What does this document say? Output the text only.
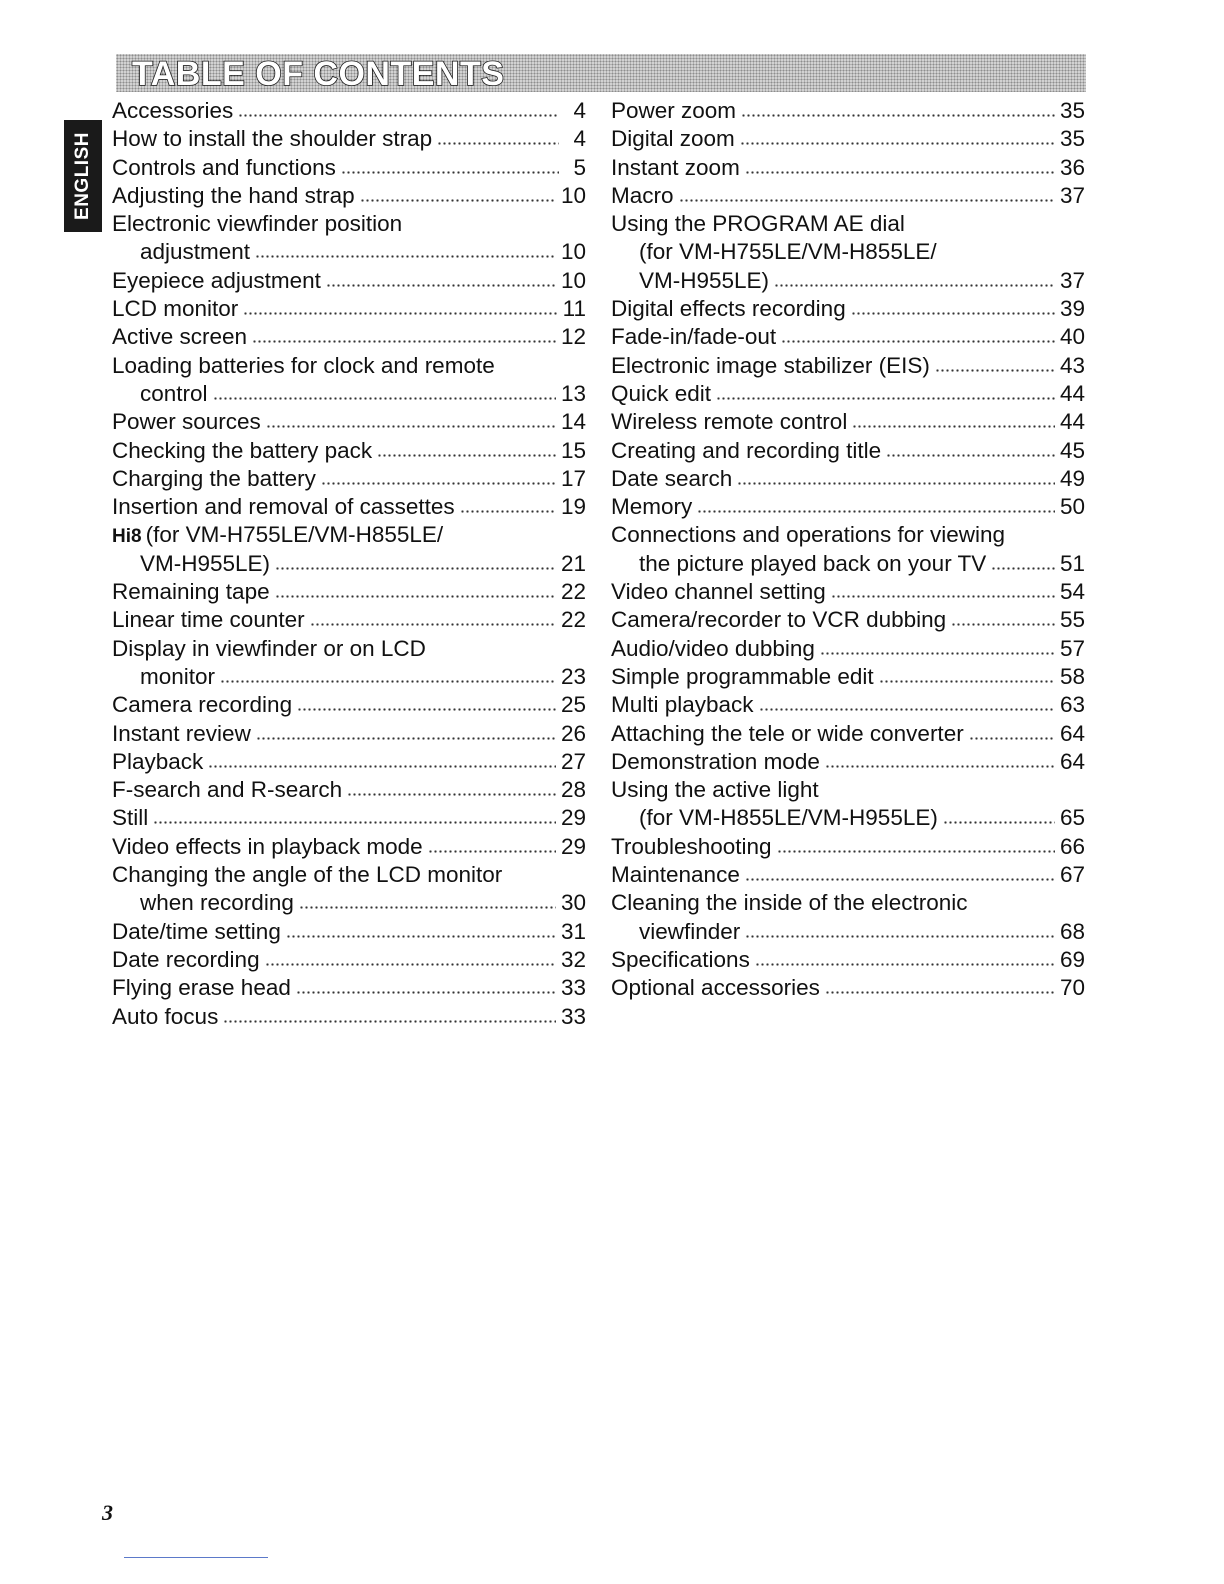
TABLE OF CONTENTS
ENGLISH
Accessories	4
How to install the shoulder strap	4
Controls and functions	5
Adjusting the hand strap	10
Electronic viewfinder position
adjustment	10
Eyepiece adjustment	10
LCD monitor	11
Active screen	12
Loading batteries for clock and remote
control	13
Power sources	14
Checking the battery pack	15
Charging the battery	17
Insertion and removal of cassettes	19
Hi8 (for VM-H755LE/VM-H855LE/
VM-H955LE)	21
Remaining tape	22
Linear time counter	22
Display in viewfinder or on LCD
monitor	23
Camera recording	25
Instant review	26
Playback	27
F-search and R-search	28
Still	29
Video effects in playback mode	29
Changing the angle of the LCD monitor
when recording	30
Date/time setting	31
Date recording	32
Flying erase head	33
Auto focus	33
Power zoom	35
Digital zoom	35
Instant zoom	36
Macro	37
Using the PROGRAM AE dial
(for VM-H755LE/VM-H855LE/
VM-H955LE)	37
Digital effects recording	39
Fade-in/fade-out	40
Electronic image stabilizer (EIS)	43
Quick edit	44
Wireless remote control	44
Creating and recording title	45
Date search	49
Memory	50
Connections and operations for viewing
the picture played back on your TV	51
Video channel setting	54
Camera/recorder to VCR dubbing	55
Audio/video dubbing	57
Simple programmable edit	58
Multi playback	63
Attaching the tele or wide converter	64
Demonstration mode	64
Using the active light
(for VM-H855LE/VM-H955LE)	65
Troubleshooting	66
Maintenance	67
Cleaning the inside of the electronic
viewfinder	68
Specifications	69
Optional accessories	70
3
